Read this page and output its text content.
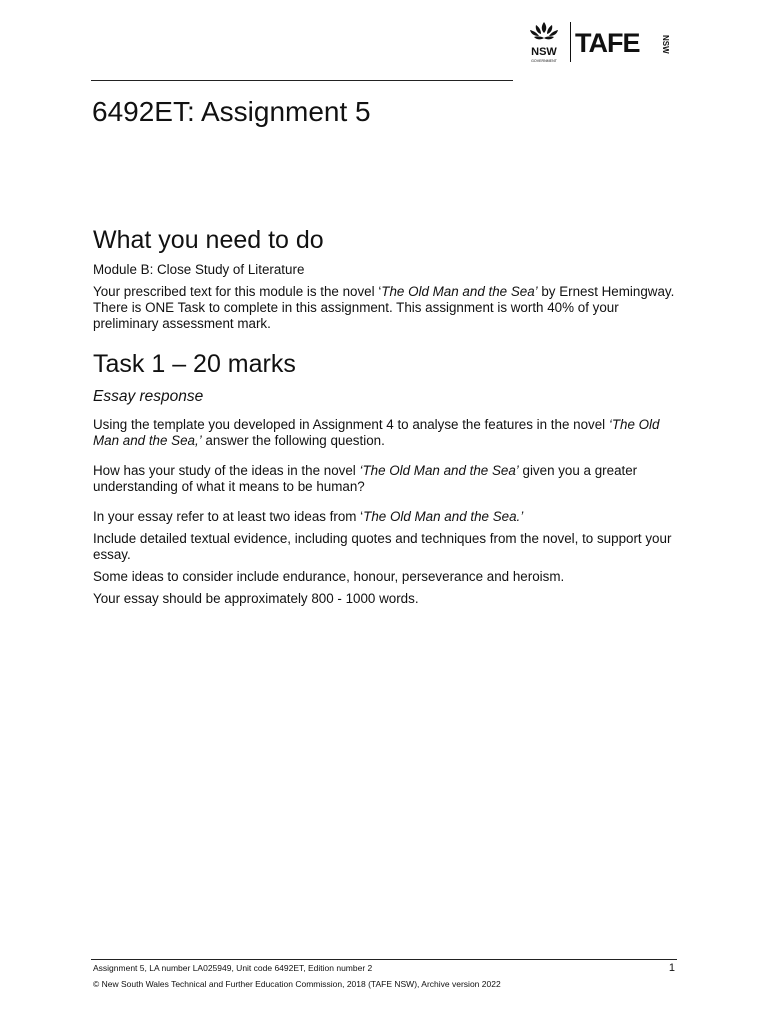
NSW
GOVERNMENT
TAFE	NSW
6492ET: Assignment 5
What you need to do

Module B: Close Study of Literature

Your prescribed text for this module is the novel ‘The Old Man and the Sea’ by Ernest Hemingway. There is ONE Task to complete in this assignment. This assignment is worth 40% of your preliminary assessment mark.

Task 1 – 20 marks
Essay response

Using the template you developed in Assignment 4 to analyse the features in the novel ‘The Old Man and the Sea,’ answer the following question.

How has your study of the ideas in the novel ‘The Old Man and the Sea’ given you a greater understanding of what it means to be human?

In your essay refer to at least two ideas from ‘The Old Man and the Sea.’

Include detailed textual evidence, including quotes and techniques from the novel, to support your essay.

Some ideas to consider include endurance, honour, perseverance and heroism.

Your essay should be approximately 800 - 1000 words.

Assignment 5, LA number LA025949, Unit code 6492ET, Edition number 2	1
© New South Wales Technical and Further Education Commission, 2018 (TAFE NSW), Archive version 2022
